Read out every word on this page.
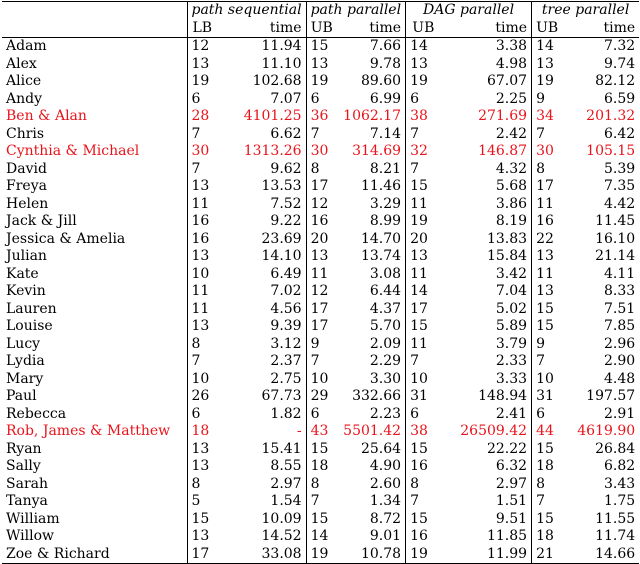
	path sequential		path parallel		DAG parallel		tree parallel	
	LB	time	UB	time	UB	time	UB	time
Adam	12	11.94	15	7.66	14	3.38	14	7.32
Alex	13	11.10	13	9.78	13	4.98	13	9.74
Alice	19	102.68	19	89.60	19	67.07	19	82.12
Andy	6	7.07	6	6.99	6	2.25	9	6.59
Ben & Alan	28	4101.25	36	1062.17	38	271.69	34	201.32
Chris	7	6.62	7	7.14	7	2.42	7	6.42
Cynthia & Michael	30	1313.26	30	314.69	32	146.87	30	105.15
David	7	9.62	8	8.21	7	4.32	8	5.39
Freya	13	13.53	17	11.46	15	5.68	17	7.35
Helen	11	7.52	12	3.29	11	3.86	11	4.42
Jack & Jill	16	9.22	16	8.99	19	8.19	16	11.45
Jessica & Amelia	16	23.69	20	14.70	20	13.83	22	16.10
Julian	13	14.10	13	13.74	13	15.84	13	21.14
Kate	10	6.49	11	3.08	11	3.42	11	4.11
Kevin	11	7.02	12	6.44	14	7.04	13	8.33
Lauren	11	4.56	17	4.37	17	5.02	15	7.51
Louise	13	9.39	17	5.70	15	5.89	15	7.85
Lucy	8	3.12	9	2.09	11	3.79	9	2.96
Lydia	7	2.37	7	2.29	7	2.33	7	2.90
Mary	10	2.75	10	3.30	10	3.33	10	4.48
Paul	26	67.73	29	332.66	31	148.94	31	197.57
Rebecca	6	1.82	6	2.23	6	2.41	6	2.91
Rob, James & Matthew	18	-	43	5501.42	38	26509.42	44	4619.90
Ryan	13	15.41	15	25.64	15	22.22	15	26.84
Sally	13	8.55	18	4.90	16	6.32	18	6.82
Sarah	8	2.97	8	2.60	8	2.97	8	3.43
Tanya	5	1.54	7	1.34	7	1.51	7	1.75
William	15	10.09	15	8.72	15	9.51	15	11.55
Willow	13	14.52	14	9.01	16	11.85	18	11.74
Zoe & Richard	17	33.08	19	10.78	19	11.99	21	14.66
